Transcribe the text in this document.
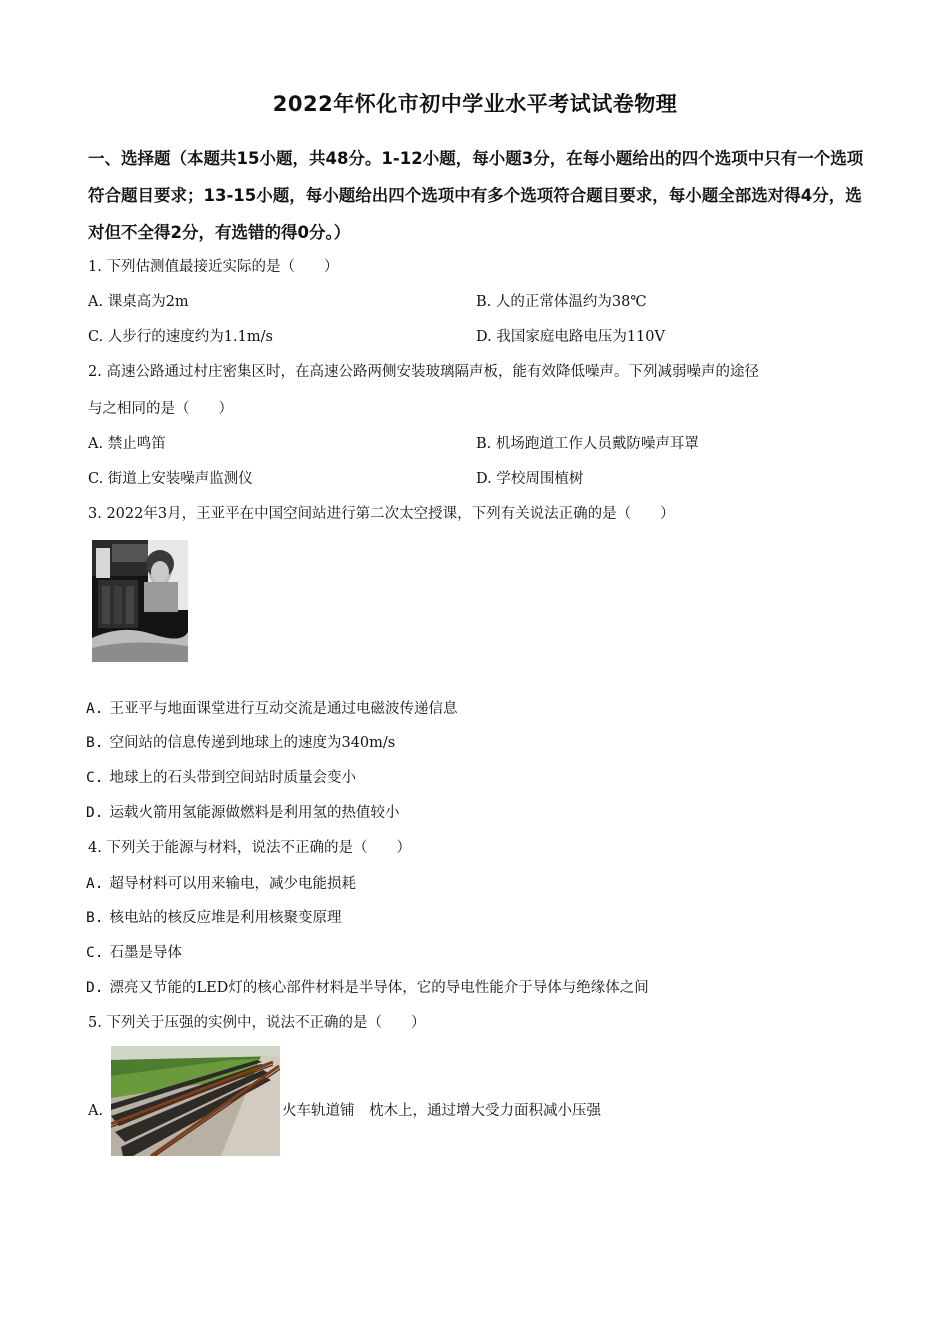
2022年怀化市初中学业水平考试试卷物理
一、选择题（本题共15小题，共48分。1-12小题，每小题3分，在每小题给出的四个选项中只有一个选项符合题目要求；13-15小题，每小题给出四个选项中有多个选项符合题目要求，每小题全部选对得4分，选对但不全得2分，有选错的得0分。）
1. 下列估测值最接近实际的是（　　）
A. 课桌高为2m	B. 人的正常体温约为38℃
C. 人步行的速度约为1.1m/s	D. 我国家庭电路电压为110V
2. 高速公路通过村庄密集区时，在高速公路两侧安装玻璃隔声板，能有效降低噪声。下列减弱噪声的途径
与之相同的是（　　）
A. 禁止鸣笛	B. 机场跑道工作人员戴防噪声耳罩
C. 街道上安装噪声监测仪	D. 学校周围植树
3. 2022年3月，王亚平在中国空间站进行第二次太空授课，下列有关说法正确的是（　　）
A. 王亚平与地面课堂进行互动交流是通过电磁波传递信息
B. 空间站的信息传递到地球上的速度为340m/s
C. 地球上的石头带到空间站时质量会变小
D. 运载火箭用氢能源做燃料是利用氢的热值较小
4. 下列关于能源与材料，说法不正确的是（　　）
A. 超导材料可以用来输电，减少电能损耗
B. 核电站的核反应堆是利用核聚变原理
C. 石墨是导体
D. 漂亮又节能的LED灯的核心部件材料是半导体，它的导电性能介于导体与绝缘体之间
5. 下列关于压强的实例中，说法不正确的是（　　）
A.	火车轨道铺　枕木上，通过增大受力面积减小压强
